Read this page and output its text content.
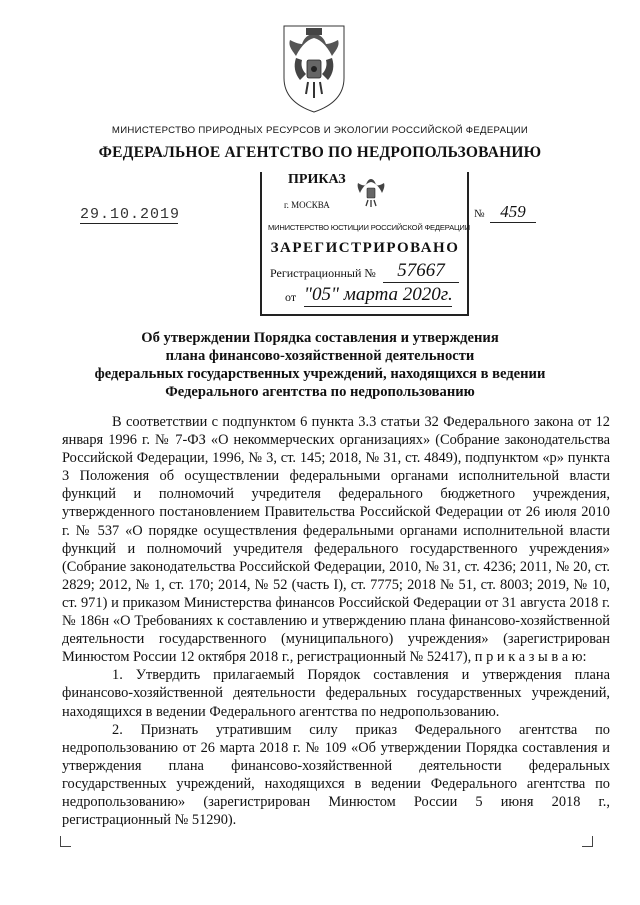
МИНИСТЕРСТВО ПРИРОДНЫХ РЕСУРСОВ И ЭКОЛОГИИ РОССИЙСКОЙ ФЕДЕРАЦИИ
ФЕДЕРАЛЬНОЕ АГЕНТСТВО ПО НЕДРОПОЛЬЗОВАНИЮ
ПРИКАЗ
г. МОСКВА
МИНИСТЕРСТВО ЮСТИЦИИ РОССИЙСКОЙ ФЕДЕРАЦИИ
ЗАРЕГИСТРИРОВАНО
Регистрационный №	57667
от "05" марта 2020г.
29.10.2019	№ 459
Об утверждении Порядка составления и утверждения
плана финансово-хозяйственной деятельности
федеральных государственных учреждений, находящихся в ведении
Федерального агентства по недропользованию

В соответствии с подпунктом 6 пункта 3.3 статьи 32 Федерального закона от 12 января 1996 г. № 7-ФЗ «О некоммерческих организациях» (Собрание законодательства Российской Федерации, 1996, № 3, ст. 145; 2018, № 31, ст. 4849), подпунктом «р» пункта 3 Положения об осуществлении федеральными органами исполнительной власти функций и полномочий учредителя федерального бюджетного учреждения, утвержденного постановлением Правительства Российской Федерации от 26 июля 2010 г. № 537 «О порядке осуществления федеральными органами исполнительной власти функций и полномочий учредителя федерального государственного учреждения» (Собрание законодательства Российской Федерации, 2010, № 31, ст. 4236; 2011, № 20, ст. 2829; 2012, № 1, ст. 170; 2014, № 52 (часть I), ст. 7775; 2018 № 51, ст. 8003; 2019, № 10, ст. 971) и приказом Министерства финансов Российской Федерации от 31 августа 2018 г. № 186н «О Требованиях к составлению и утверждению плана финансово-хозяйственной деятельности государственного (муниципального) учреждения» (зарегистрирован Минюстом России 12 октября 2018 г., регистрационный № 52417), п р и к а з ы в а ю:

1. Утвердить прилагаемый Порядок составления и утверждения плана финансово-хозяйственной деятельности федеральных государственных учреждений, находящихся в ведении Федерального агентства по недропользованию.

2. Признать утратившим силу приказ Федерального агентства по недропользованию от 26 марта 2018 г. № 109 «Об утверждении Порядка составления и утверждения плана финансово-хозяйственной деятельности федеральных государственных учреждений, находящихся в ведении Федерального агентства по недропользованию» (зарегистрирован Минюстом России 5 июня 2018 г., регистрационный № 51290).
